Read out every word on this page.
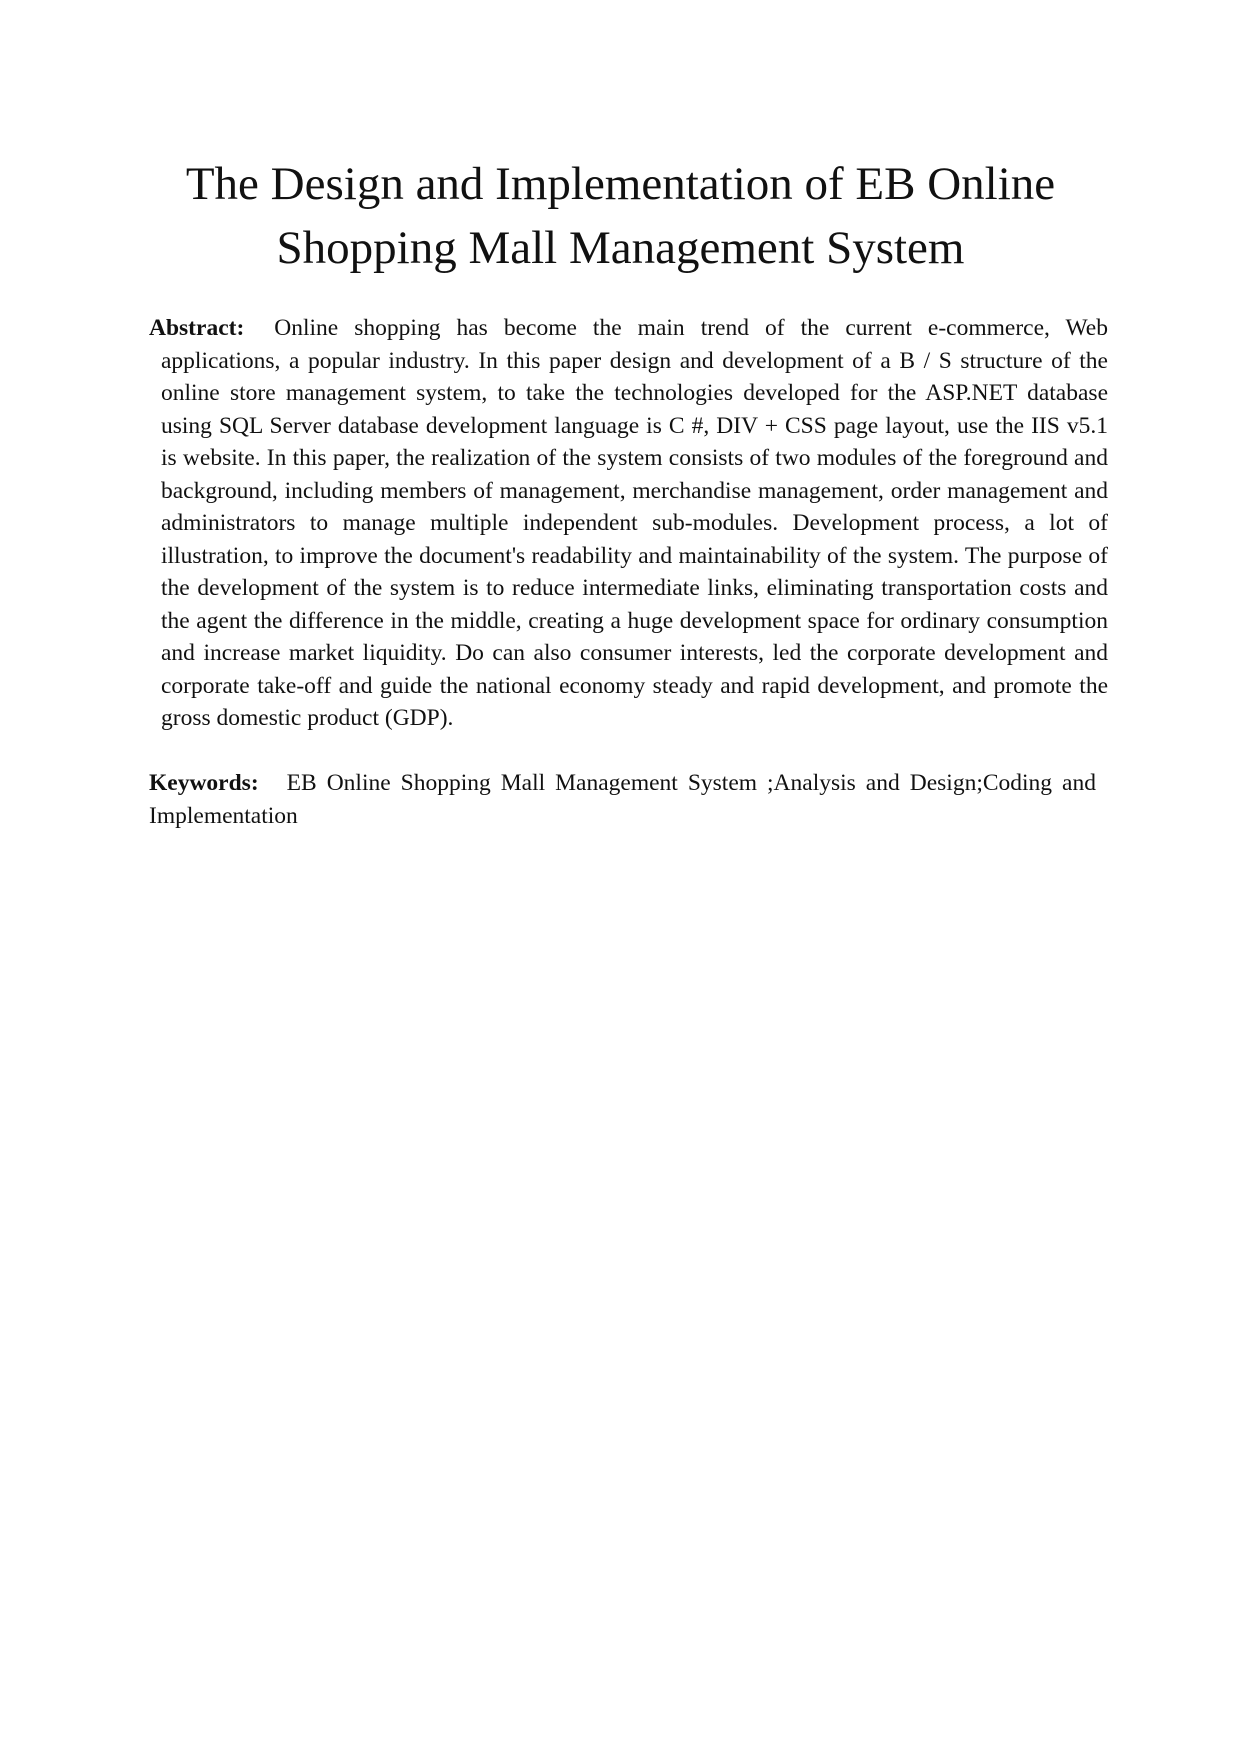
The Design and Implementation of EB Online
Shopping Mall Management System

Abstract: Online shopping has become the main trend of the current e-commerce, Web applications, a popular industry. In this paper design and development of a B / S structure of the online store management system, to take the technologies developed for the ASP.NET database using SQL Server database development language is C #, DIV + CSS page layout, use the IIS v5.1 is website. In this paper, the realization of the system consists of two modules of the foreground and background, including members of management, merchandise management, order management and administrators to manage multiple independent sub-modules. Development process, a lot of illustration, to improve the document's readability and maintainability of the system. The purpose of the development of the system is to reduce intermediate links, eliminating transportation costs and the agent the difference in the middle, creating a huge development space for ordinary consumption and increase market liquidity. Do can also consumer interests, led the corporate development and corporate take-off and guide the national economy steady and rapid development, and promote the gross domestic product (GDP).

Keywords: EB Online Shopping Mall Management System ;Analysis and Design;Coding and Implementation
